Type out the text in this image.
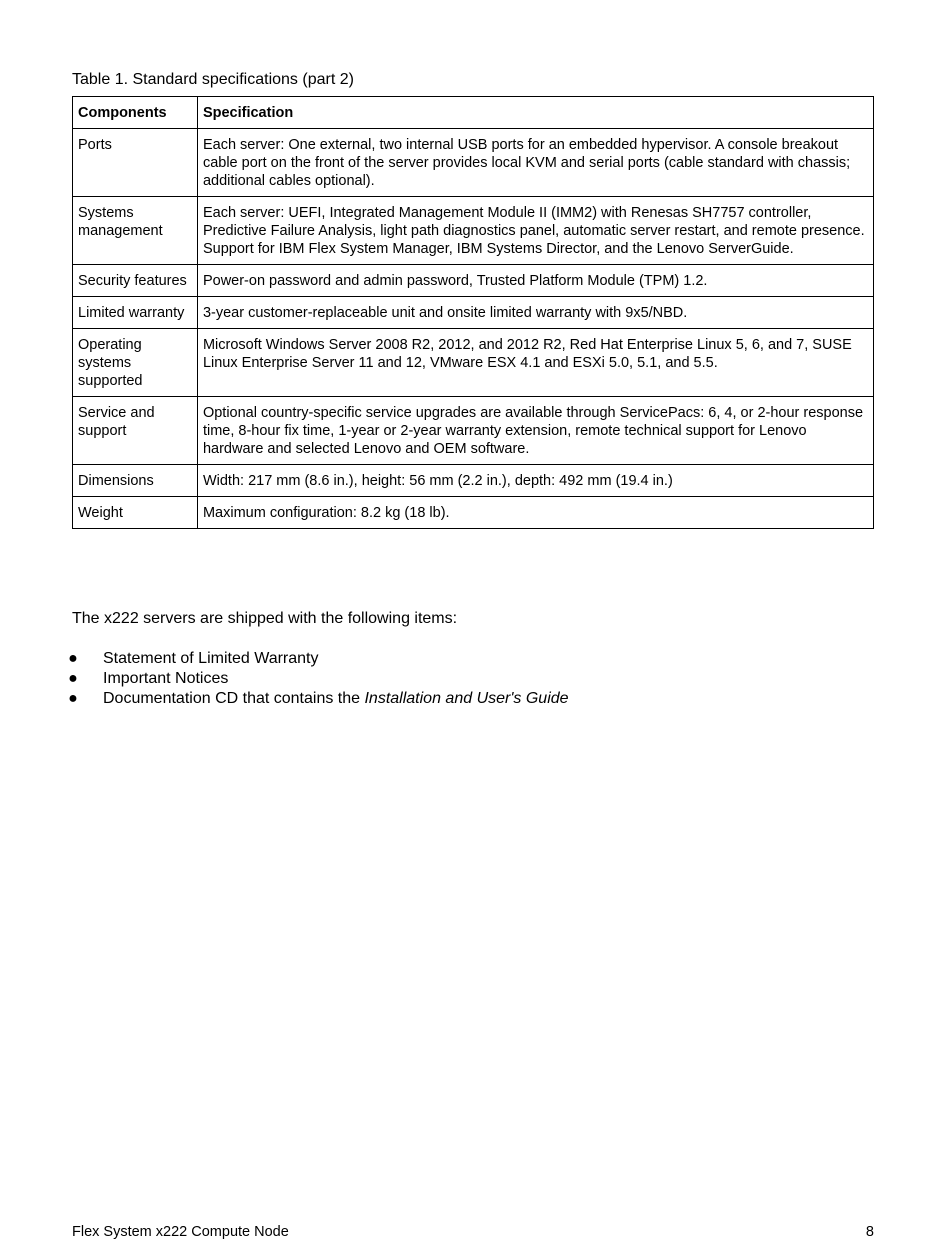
Table 1. Standard specifications (part 2)
Components	Specification
Ports	Each server: One external, two internal USB ports for an embedded hypervisor. A console breakout cable port on the front of the server provides local KVM and serial ports (cable standard with chassis; additional cables optional).
Systems management	Each server: UEFI, Integrated Management Module II (IMM2) with Renesas SH7757 controller, Predictive Failure Analysis, light path diagnostics panel, automatic server restart, and remote presence. Support for IBM Flex System Manager, IBM Systems Director, and the Lenovo ServerGuide.
Security features	Power-on password and admin password, Trusted Platform Module (TPM) 1.2.
Limited warranty	3-year customer-replaceable unit and onsite limited warranty with 9x5/NBD.
Operating systems supported	Microsoft Windows Server 2008 R2, 2012, and 2012 R2, Red Hat Enterprise Linux 5, 6, and 7, SUSE Linux Enterprise Server 11 and 12, VMware ESX 4.1 and ESXi 5.0, 5.1, and 5.5.
Service and support	Optional country-specific service upgrades are available through ServicePacs: 6, 4, or 2-hour response time, 8-hour fix time, 1-year or 2-year warranty extension, remote technical support for Lenovo hardware and selected Lenovo and OEM software.
Dimensions	Width: 217 mm (8.6 in.), height: 56 mm (2.2 in.), depth: 492 mm (19.4 in.)
Weight	Maximum configuration: 8.2 kg (18 lb).
The x222 servers are shipped with the following items:
● Statement of Limited Warranty
● Important Notices
● Documentation CD that contains the Installation and User's Guide
Flex System x222 Compute Node	8
